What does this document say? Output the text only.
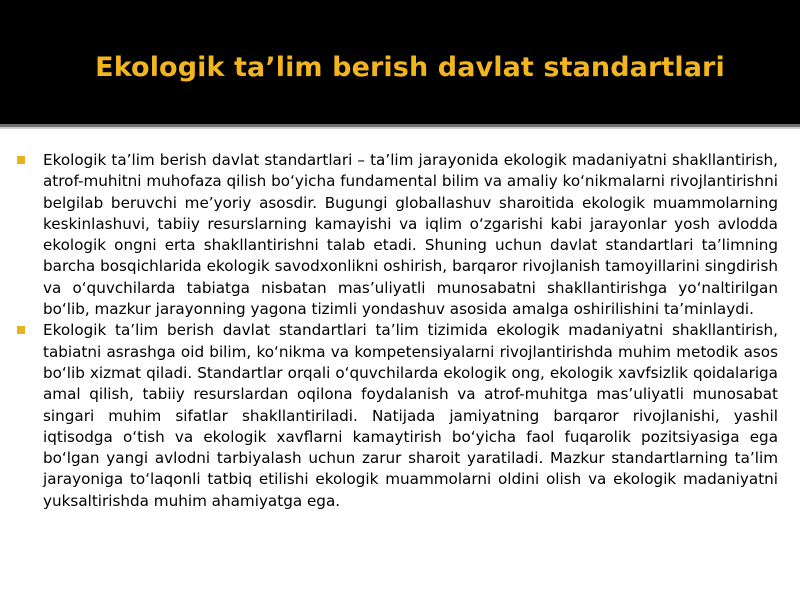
Ekologik ta’lim berish davlat standartlari

Ekologik ta’lim berish davlat standartlari – ta’lim jarayonida ekologik madaniyatni shakllantirish, atrof-muhitni muhofaza qilish bo‘yicha fundamental bilim va amaliy ko‘nikmalarni rivojlantirishni belgilab beruvchi me’yoriy asosdir. Bugungi globallashuv sharoitida ekologik muammolarning keskinlashuvi, tabiiy resurslarning kamayishi va iqlim o‘zgarishi kabi jarayonlar yosh avlodda ekologik ongni erta shakllantirishni talab etadi. Shuning uchun davlat standartlari ta’limning barcha bosqichlarida ekologik savodxonlikni oshirish, barqaror rivojlanish tamoyillarini singdirish va o‘quvchilarda tabiatga nisbatan mas’uliyatli munosabatni shakllantirishga yo‘naltirilgan bo‘lib, mazkur jarayonning yagona tizimli yondashuv asosida amalga oshirilishini ta’minlaydi.

Ekologik ta’lim berish davlat standartlari ta’lim tizimida ekologik madaniyatni shakllantirish, tabiatni asrashga oid bilim, ko‘nikma va kompetensiyalarni rivojlantirishda muhim metodik asos bo‘lib xizmat qiladi. Standartlar orqali o‘quvchilarda ekologik ong, ekologik xavfsizlik qoidalariga amal qilish, tabiiy resurslardan oqilona foydalanish va atrof-muhitga mas’uliyatli munosabat singari muhim sifatlar shakllantiriladi. Natijada jamiyatning barqaror rivojlanishi, yashil iqtisodga o‘tish va ekologik xavflarni kamaytirish bo‘yicha faol fuqarolik pozitsiyasiga ega bo‘lgan yangi avlodni tarbiyalash uchun zarur sharoit yaratiladi. Mazkur standartlarning ta’lim jarayoniga to‘laqonli tatbiq etilishi ekologik muammolarni oldini olish va ekologik madaniyatni yuksaltirishda muhim ahamiyatga ega.
